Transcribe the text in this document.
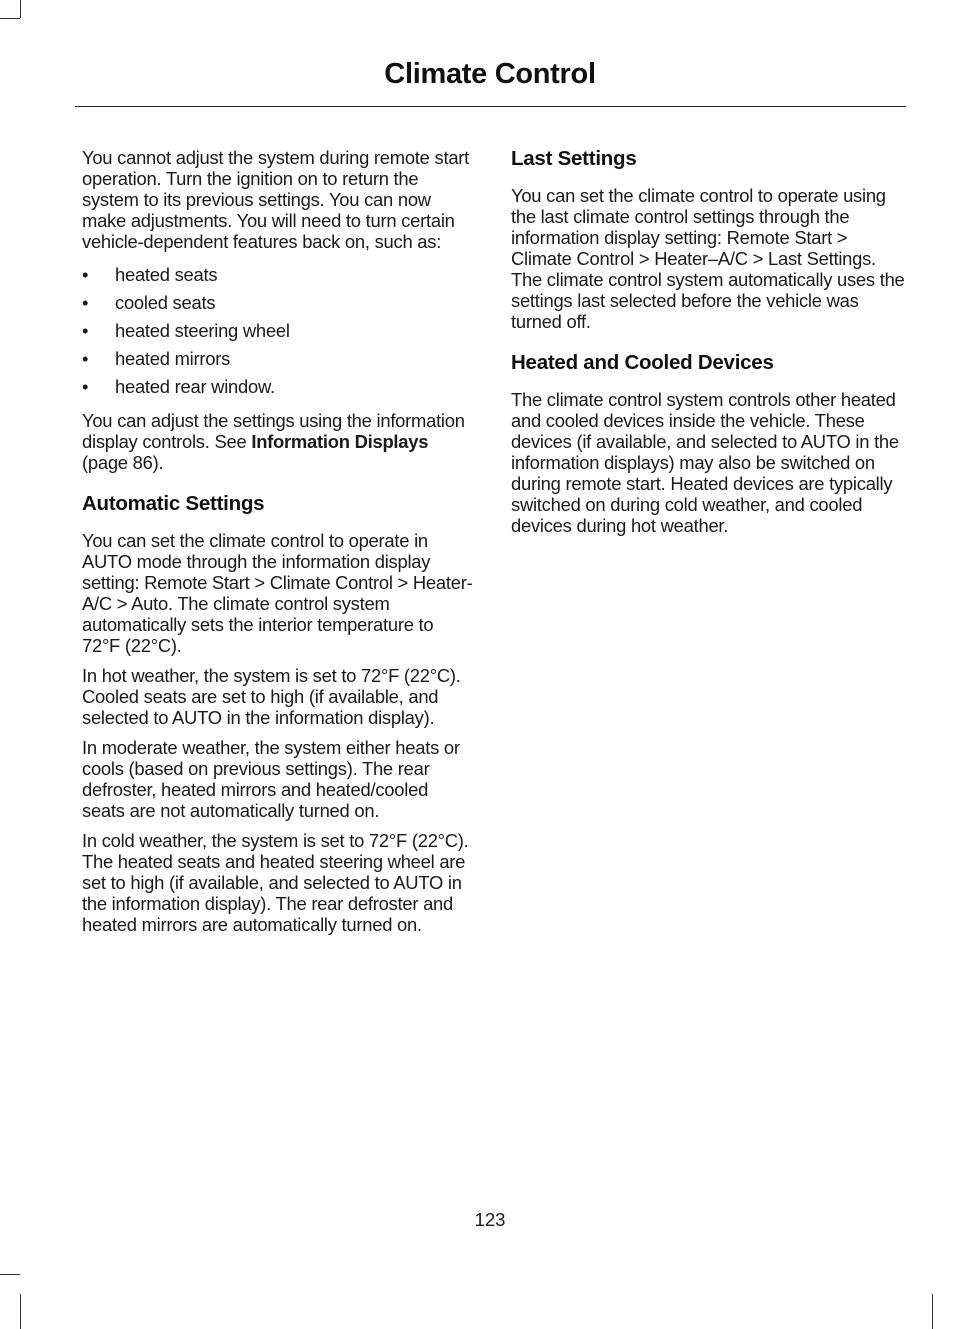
Climate Control

You cannot adjust the system during remote start operation. Turn the ignition on to return the system to its previous settings. You can now make adjustments. You will need to turn certain vehicle-dependent features back on, such as:

• heated seats
• cooled seats
• heated steering wheel
• heated mirrors
• heated rear window.

You can adjust the settings using the information display controls. See Information Displays (page 86).

Automatic Settings

You can set the climate control to operate in AUTO mode through the information display setting: Remote Start > Climate Control > Heater-A/C > Auto. The climate control system automatically sets the interior temperature to 72°F (22°C).

In hot weather, the system is set to 72°F (22°C). Cooled seats are set to high (if available, and selected to AUTO in the information display).

In moderate weather, the system either heats or cools (based on previous settings). The rear defroster, heated mirrors and heated/cooled seats are not automatically turned on.

In cold weather, the system is set to 72°F (22°C). The heated seats and heated steering wheel are set to high (if available, and selected to AUTO in the information display). The rear defroster and heated mirrors are automatically turned on.

Last Settings

You can set the climate control to operate using the last climate control settings through the information display setting: Remote Start > Climate Control > Heater–A/C > Last Settings. The climate control system automatically uses the settings last selected before the vehicle was turned off.

Heated and Cooled Devices

The climate control system controls other heated and cooled devices inside the vehicle. These devices (if available, and selected to AUTO in the information displays) may also be switched on during remote start. Heated devices are typically switched on during cold weather, and cooled devices during hot weather.

123
